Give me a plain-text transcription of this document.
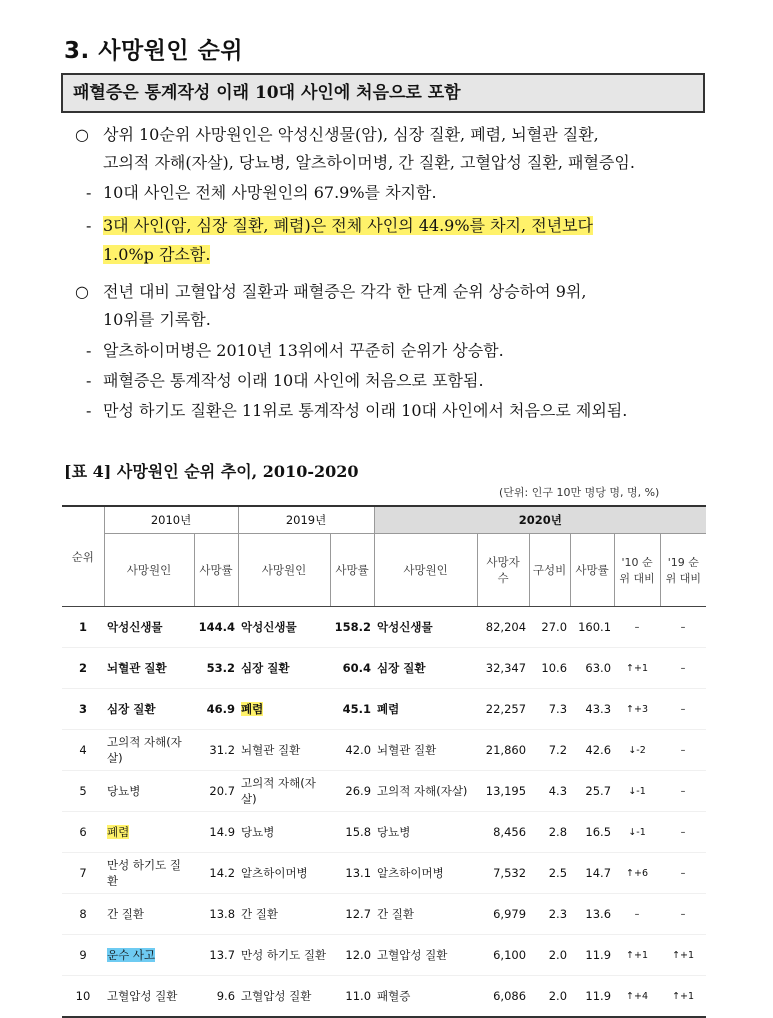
3. 사망원인 순위
패혈증은 통계작성 이래 10대 사인에 처음으로 포함
○ 상위 10순위 사망원인은 악성신생물(암), 심장 질환, 폐렴, 뇌혈관 질환,
고의적 자해(자살), 당뇨병, 알츠하이머병, 간 질환, 고혈압성 질환, 패혈증임.
- 10대 사인은 전체 사망원인의 67.9%를 차지함.
- 3대 사인(암, 심장 질환, 폐렴)은 전체 사인의 44.9%를 차지, 전년보다
1.0%p 감소함.
○ 전년 대비 고혈압성 질환과 패혈증은 각각 한 단계 순위 상승하여 9위,
10위를 기록함.
- 알츠하이머병은 2010년 13위에서 꾸준히 순위가 상승함.
- 패혈증은 통계작성 이래 10대 사인에 처음으로 포함됨.
- 만성 하기도 질환은 11위로 통계작성 이래 10대 사인에서 처음으로 제외됨.
[표 4] 사망원인 순위 추이, 2010-2020
(단위: 인구 10만 명당 명, 명, %)
순위	2010년		2019년		2020년					
	사망원인	사망률	사망원인	사망률	사망원인	사망자 수	구성비	사망률	'10 순위 대비	'19 순위 대비
1	악성신생물	144.4	악성신생물	158.2	악성신생물	82,204	27.0	160.1	–	–
2	뇌혈관 질환	53.2	심장 질환	60.4	심장 질환	32,347	10.6	63.0	↑+1	–
3	심장 질환	46.9	폐렴	45.1	폐렴	22,257	7.3	43.3	↑+3	–
4	고의적 자해(자살)	31.2	뇌혈관 질환	42.0	뇌혈관 질환	21,860	7.2	42.6	↓-2	–
5	당뇨병	20.7	고의적 자해(자살)	26.9	고의적 자해(자살)	13,195	4.3	25.7	↓-1	–
6	폐렴	14.9	당뇨병	15.8	당뇨병	8,456	2.8	16.5	↓-1	–
7	만성 하기도 질환	14.2	알츠하이머병	13.1	알츠하이머병	7,532	2.5	14.7	↑+6	–
8	간 질환	13.8	간 질환	12.7	간 질환	6,979	2.3	13.6	–	–
9	운수 사고	13.7	만성 하기도 질환	12.0	고혈압성 질환	6,100	2.0	11.9	↑+1	↑+1
10	고혈압성 질환	9.6	고혈압성 질환	11.0	패혈증	6,086	2.0	11.9	↑+4	↑+1
